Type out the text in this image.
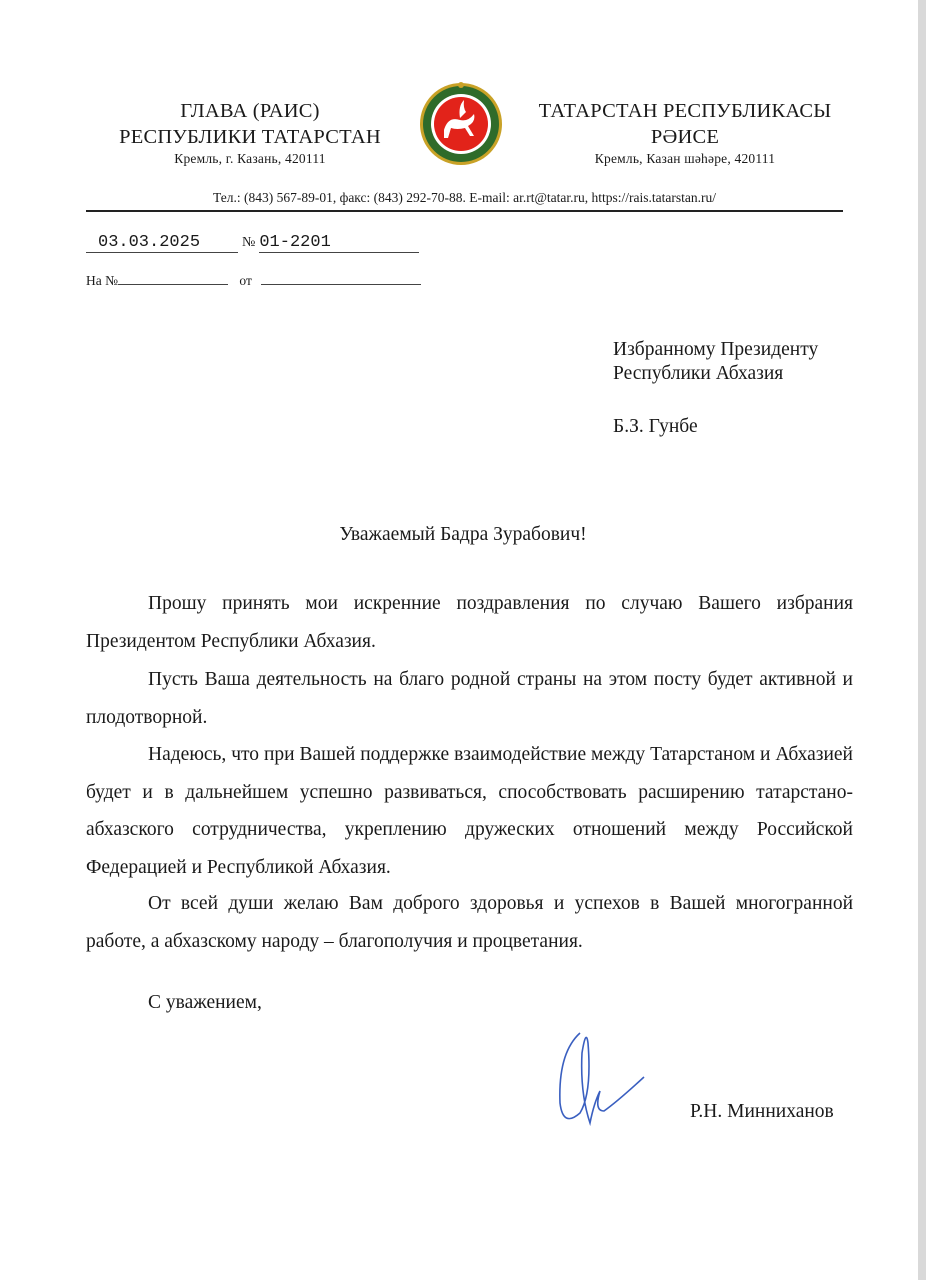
ГЛАВА (РАИС)
РЕСПУБЛИКИ ТАТАРСТАН
Кремль, г. Казань, 420111
ТАТАРСТАН РЕСПУБЛИКАСЫ
РӘИСЕ
Кремль, Казан шәһәре, 420111
Тел.: (843) 567-89-01, факс: (843) 292-70-88. E-mail: ar.rt@tatar.ru, https://rais.tatarstan.ru/
03.03.2025	№ 01-2201
На №	от
Избранному Президенту
Республики Абхазия
Б.З. Гунбе
Уважаемый Бадра Зурабович!
Прошу принять мои искренние поздравления по случаю Вашего избрания Президентом Республики Абхазия.
Пусть Ваша деятельность на благо родной страны на этом посту будет активной и плодотворной.
Надеюсь, что при Вашей поддержке взаимодействие между Татарстаном и Абхазией будет и в дальнейшем успешно развиваться, способствовать расширению татарстано-абхазского сотрудничества, укреплению дружеских отношений между Российской Федерацией и Республикой Абхазия.
От всей души желаю Вам доброго здоровья и успехов в Вашей многогранной работе, а абхазскому народу – благополучия и процветания.
С уважением,
Р.Н. Минниханов
